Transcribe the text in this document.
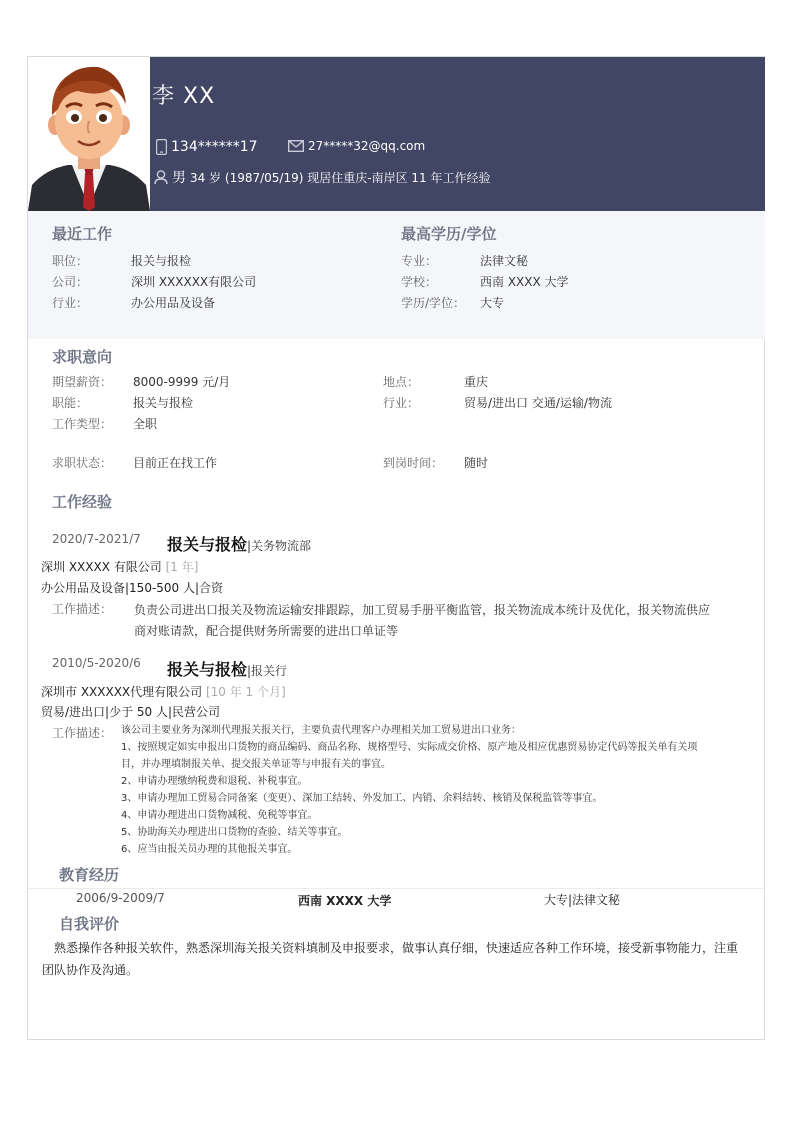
李 XX
134******17	27*****32@qq.com
男 34 岁 (1987/05/19) 现居住重庆-南岸区 11 年工作经验
最近工作
职位：	报关与报检
公司：	深圳 XXXXXX有限公司
行业：	办公用品及设备
最高学历/学位
专业：	法律文秘
学校：	西南 XXXX 大学
学历/学位：	大专
求职意向
期望薪资：	8000-9999 元/月	地点：	重庆
职能：	报关与报检	行业：	贸易/进出口 交通/运输/物流
工作类型：	全职
求职状态：	目前正在找工作	到岗时间：	随时
工作经验
2020/7-2021/7 报关与报检|关务物流部
深圳 XXXXX 有限公司 [1 年]
办公用品及设备|150-500 人|合资
工作描述：	负责公司进出口报关及物流运输安排跟踪，加工贸易手册平衡监管，报关物流成本统计及优化，报关物流供应
商对账请款，配合提供财务所需要的进出口单证等
2010/5-2020/6 报关与报检|报关行
深圳市 XXXXXX代理有限公司 [10 年 1 个月]
贸易/进出口|少于 50 人|民营公司
工作描述： 该公司主要业务为深圳代理报关报关行，主要负责代理客户办理相关加工贸易进出口业务：
1、按照规定如实申报出口货物的商品编码、商品名称、规格型号、实际成交价格、原产地及相应优惠贸易协定代码等报关单有关项
目，并办理填制报关单、提交报关单证等与申报有关的事宜。
2、申请办理缴纳税费和退税、补税事宜。
3、申请办理加工贸易合同备案（变更）、深加工结转、外发加工、内销、余料结转、核销及保税监管等事宜。
4、申请办理进出口货物减税、免税等事宜。
5、协助海关办理进出口货物的查验、结关等事宜。
6、应当由报关员办理的其他报关事宜。
教育经历
2006/9-2009/7	西南 XXXX 大学	大专|法律文秘
自我评价
熟悉操作各种报关软件，熟悉深圳海关报关资料填制及申报要求，做事认真仔细，快速适应各种工作环境，接受新事物能力，注重团队协作及沟通。
